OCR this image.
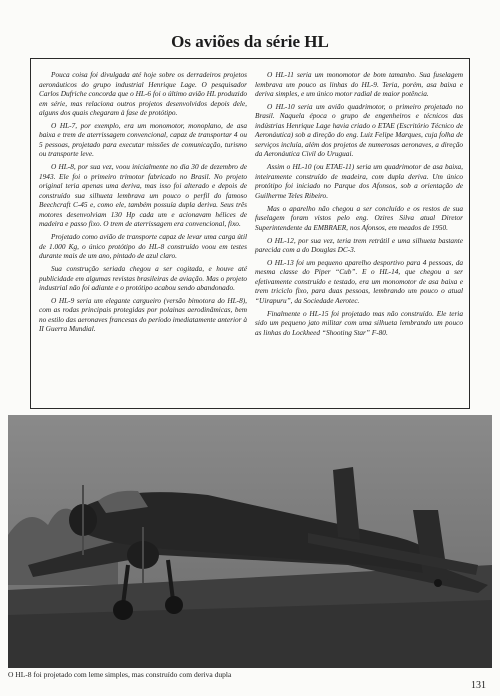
Os aviões da série HL

Pouca coisa foi divulgada até hoje sobre os derradeiros projetos aeronáuticos do grupo industrial Henrique Lage. O pesquisador Carlos Dufriche concorda que o HL-6 foi o último avião HL produzido em série, mas relaciona outros projetos desenvolvidos depois dele, alguns dos quais chegaram à fase de protótipo.

O HL-7, por exemplo, era um monomotor, monoplano, de asa baixa e trem de aterrissagem convencional, capaz de transportar 4 ou 5 pessoas, projetado para executar missões de comunicação, turismo ou transporte leve.

O HL-8, por sua vez, voou inicialmente no dia 30 de dezembro de 1943. Ele foi o primeiro trimotor fabricado no Brasil. No projeto original teria apenas uma deriva, mas isso foi alterado e depois de construído sua silhueta lembrava um pouco o perfil do famoso Beechcraft C-45 e, como ele, também possuía dupla deriva. Seus três motores desenvolviam 130 Hp cada um e acionavam hélices de madeira e passo fixo. O trem de aterrissagem era convencional, fixo.

Projetado como avião de transporte capaz de levar uma carga útil de 1.000 Kg, o único protótipo do HL-8 construído voou em testes durante mais de um ano, pintado de azul claro.

Sua construção seriada chegou a ser cogitada, e houve até publicidade em algumas revistas brasileiras de aviação. Mas o projeto industrial não foi adiante e o protótipo acabou sendo abandonado.

O HL-9 seria um elegante cargueiro (versão bimotora do HL-8), com as rodas principais protegidas por polainas aerodinâmicas, bem no estilo das aeronaves francesas do período imediatamente anterior à II Guerra Mundial.

O HL-11 seria um monomotor de bom tamanho. Sua fuselagem lembrava um pouco as linhas do HL-9. Teria, porém, asa baixa e deriva simples, e um único motor radial de maior potência.

O HL-10 seria um avião quadrimotor, o primeiro projetado no Brasil. Naquela época o grupo de engenheiros e técnicos das indústrias Henrique Lage havia criado o ETAE (Escritório Técnico de Aeronáutica) sob a direção do eng. Luiz Felipe Marques, cuja folha de serviços incluía, além dos projetos de numerosas aeronaves, a direção da Aeronáutica Civil do Uruguai.

Assim o HL-10 (ou ETAE-11) seria um quadrimotor de asa baixa, inteiramente construído de madeira, com dupla deriva. Um único protótipo foi iniciado no Parque dos Afonsos, sob a orientação de Guilherme Teles Ribeiro.

Mas o aparelho não chegou a ser concluído e os restos de sua fuselagem foram vistos pelo eng. Ozires Silva atual Diretor Superintendente da EMBRAER, nos Afonsos, em meados de 1950.

O HL-12, por sua vez, teria trem retrátil e uma silhueta bastante parecida com a do Douglas DC-3.

O HL-13 foi um pequeno aparelho desportivo para 4 pessoas, da mesma classe do Piper “Cub”. E o HL-14, que chegou a ser efetivamente construído e testado, era um monomotor de asa baixa e trem triciclo fixo, para duas pessoas, lembrando um pouco o atual “Uirapuru”, da Sociedade Aerotec.

Finalmente o HL-15 foi projetado mas não construído. Ele teria sido um pequeno jato militar com uma silhueta lembrando um pouco as linhas do Lockheed “Shooting Star” F-80.

O HL-8 foi projetado com leme simples, mas construído com deriva dupla
131
